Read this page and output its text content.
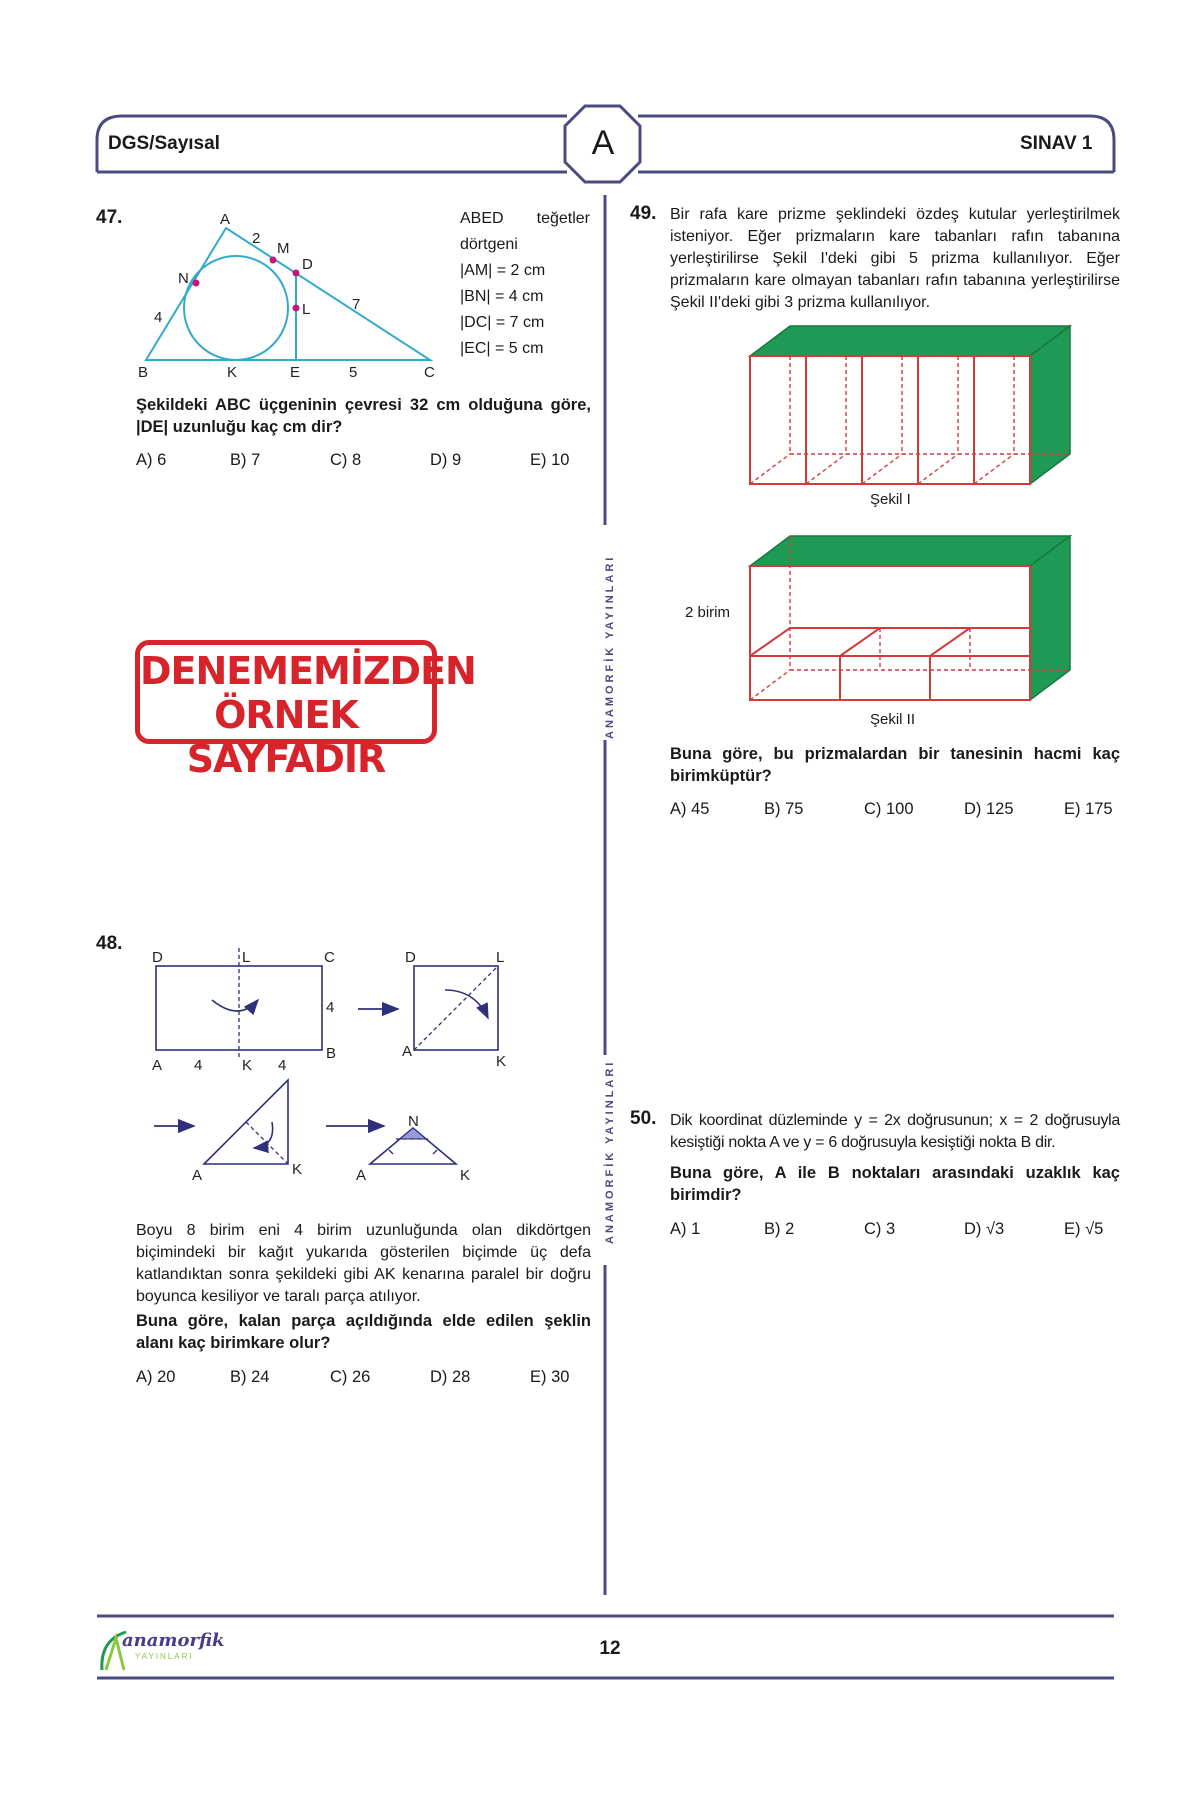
DGS/Sayısal	A	SINAV 1
ANAMORFİK YAYINLARI
ANAMORFİK YAYINLARI
47.	A
B	C
D
E
K
L
M
N
2
4
7
5
ABED teğetler
dörtgeni
|AM| = 2 cm
|BN| = 4 cm
|DC| = 7 cm
|EC| = 5 cm
Şekildeki ABC üçgeninin çevresi 32 cm olduğuna göre, |DE| uzunluğu kaç cm dir?
A) 6	B) 7	C) 8	D) 9	E) 10
DENEMEMİZDEN
ÖRNEK SAYFADIR
48.
D	L	C
4
A 4	K 4
B
D	L
A
K
A	K
N
A	K
Boyu 8 birim eni 4 birim uzunluğunda olan dikdörtgen biçimindeki bir kağıt yukarıda gösterilen biçimde üç defa katlandıktan sonra şekildeki gibi AK kenarına paralel bir doğru boyunca kesiliyor ve taralı parça atılıyor.
Buna göre, kalan parça açıldığında elde edilen şeklin alanı kaç birimkare olur?
A) 20	B) 24	C) 26	D) 28	E) 30
49. Bir rafa kare prizme şeklindeki özdeş kutular yerleştirilmek isteniyor. Eğer prizmaların kare tabanları rafın tabanına yerleştirilirse Şekil I'deki gibi 5 prizma kullanılıyor. Eğer prizmaların kare olmayan tabanları rafın tabanına yerleştirilirse Şekil II'deki gibi 3 prizma kullanılıyor.
Şekil I
Şekil II
2 birim
Buna göre, bu prizmalardan bir tanesinin hacmi kaç birimküptür?
A) 45	B) 75	C) 100	D) 125	E) 175
50. Dik koordinat düzleminde y = 2x doğrusunun; x = 2 doğrusuyla kesiştiği nokta A ve y = 6 doğrusuyla kesiştiği nokta B dir.
Buna göre, A ile B noktaları arasındaki uzaklık kaç birimdir?
A) 1	B) 2	C) 3	D) √3	E) √5
anamorfik
YAYINLARI	12
